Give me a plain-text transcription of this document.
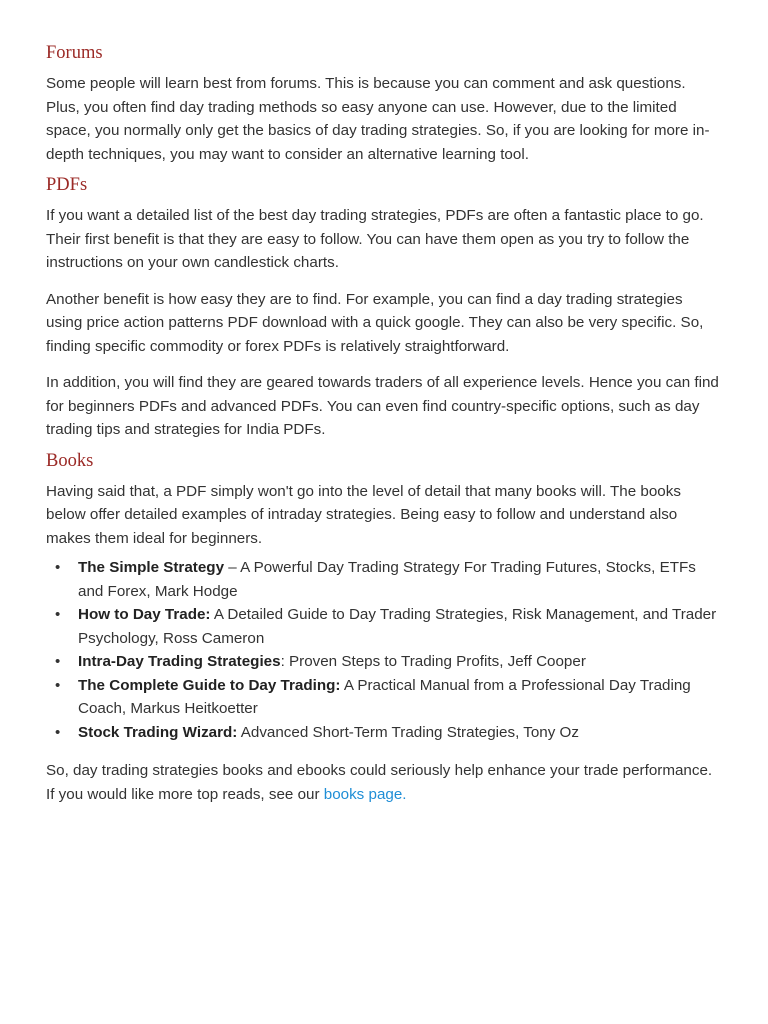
Forums

Some people will learn best from forums. This is because you can comment and ask questions. Plus, you often find day trading methods so easy anyone can use. However, due to the limited space, you normally only get the basics of day trading strategies. So, if you are looking for more in-depth techniques, you may want to consider an alternative learning tool.

PDFs

If you want a detailed list of the best day trading strategies, PDFs are often a fantastic place to go. Their first benefit is that they are easy to follow. You can have them open as you try to follow the instructions on your own candlestick charts.

Another benefit is how easy they are to find. For example, you can find a day trading strategies using price action patterns PDF download with a quick google. They can also be very specific. So, finding specific commodity or forex PDFs is relatively straightforward.

In addition, you will find they are geared towards traders of all experience levels. Hence you can find for beginners PDFs and advanced PDFs. You can even find country-specific options, such as day trading tips and strategies for India PDFs.

Books

Having said that, a PDF simply won't go into the level of detail that many books will. The books below offer detailed examples of intraday strategies. Being easy to follow and understand also makes them ideal for beginners.

• The Simple Strategy – A Powerful Day Trading Strategy For Trading Futures, Stocks, ETFs and Forex, Mark Hodge
• How to Day Trade: A Detailed Guide to Day Trading Strategies, Risk Management, and Trader Psychology, Ross Cameron
• Intra-Day Trading Strategies: Proven Steps to Trading Profits, Jeff Cooper
• The Complete Guide to Day Trading: A Practical Manual from a Professional Day Trading Coach, Markus Heitkoetter
• Stock Trading Wizard: Advanced Short-Term Trading Strategies, Tony Oz

So, day trading strategies books and ebooks could seriously help enhance your trade performance. If you would like more top reads, see our books page.
